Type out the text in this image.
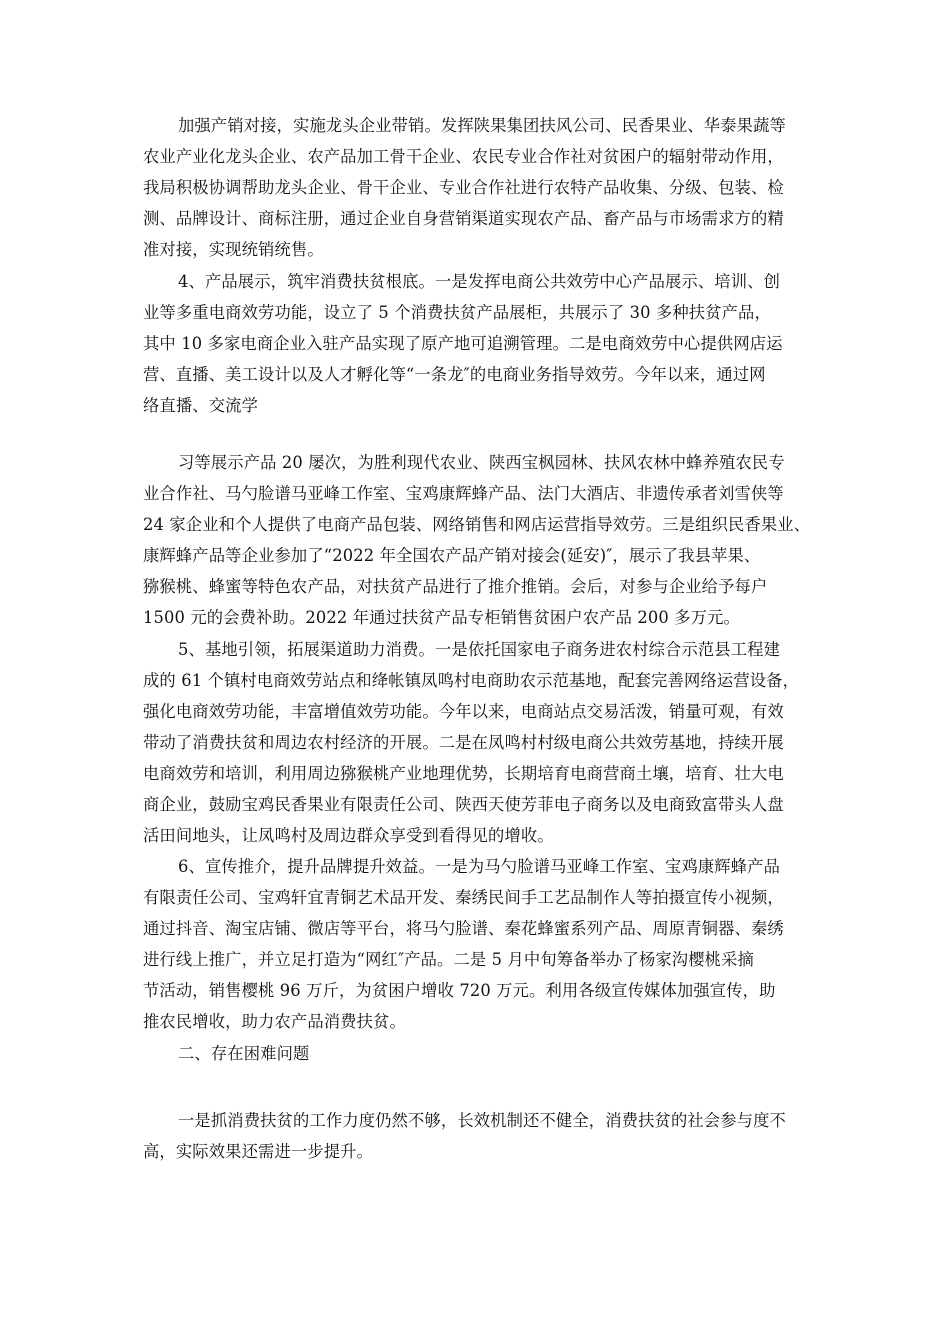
加强产销对接，实施龙头企业带销。发挥陕果集团扶风公司、民香果业、华泰果蔬等
农业产业化龙头企业、农产品加工骨干企业、农民专业合作社对贫困户的辐射带动作用，
我局积极协调帮助龙头企业、骨干企业、专业合作社进行农特产品收集、分级、包装、检
测、品牌设计、商标注册，通过企业自身营销渠道实现农产品、畜产品与市场需求方的精
准对接，实现统销统售。
4、产品展示，筑牢消费扶贫根底。一是发挥电商公共效劳中心产品展示、培训、创
业等多重电商效劳功能，设立了 5 个消费扶贫产品展柜，共展示了 30 多种扶贫产品，
其中 10 多家电商企业入驻产品实现了原产地可追溯管理。二是电商效劳中心提供网店运
营、直播、美工设计以及人才孵化等“一条龙″的电商业务指导效劳。今年以来，通过网
络直播、交流学
习等展示产品 20 屡次，为胜利现代农业、陕西宝枫园林、扶风农林中蜂养殖农民专
业合作社、马勺脸谱马亚峰工作室、宝鸡康辉蜂产品、法门大酒店、非遗传承者刘雪侠等
24 家企业和个人提供了电商产品包装、网络销售和网店运营指导效劳。三是组织民香果业、
康辉蜂产品等企业参加了“2022 年全国农产品产销对接会(延安)″，展示了我县苹果、
猕猴桃、蜂蜜等特色农产品，对扶贫产品进行了推介推销。会后，对参与企业给予每户
1500 元的会费补助。2022 年通过扶贫产品专柜销售贫困户农产品 200 多万元。
5、基地引领，拓展渠道助力消费。一是依托国家电子商务进农村综合示范县工程建
成的 61 个镇村电商效劳站点和绛帐镇凤鸣村电商助农示范基地，配套完善网络运营设备，
强化电商效劳功能，丰富增值效劳功能。今年以来，电商站点交易活泼，销量可观，有效
带动了消费扶贫和周边农村经济的开展。二是在凤鸣村村级电商公共效劳基地，持续开展
电商效劳和培训，利用周边猕猴桃产业地理优势，长期培育电商营商土壤，培育、壮大电
商企业，鼓励宝鸡民香果业有限责任公司、陕西天使芳菲电子商务以及电商致富带头人盘
活田间地头，让凤鸣村及周边群众享受到看得见的增收。
6、宣传推介，提升品牌提升效益。一是为马勺脸谱马亚峰工作室、宝鸡康辉蜂产品
有限责任公司、宝鸡轩宜青铜艺术品开发、秦绣民间手工艺品制作人等拍摄宣传小视频，
通过抖音、淘宝店铺、微店等平台，将马勺脸谱、秦花蜂蜜系列产品、周原青铜器、秦绣
进行线上推广，并立足打造为“网红″产品。二是 5 月中旬筹备举办了杨家沟樱桃采摘
节活动，销售樱桃 96 万斤，为贫困户增收 720 万元。利用各级宣传媒体加强宣传，助
推农民增收，助力农产品消费扶贫。
二、存在困难问题
一是抓消费扶贫的工作力度仍然不够，长效机制还不健全，消费扶贫的社会参与度不
高，实际效果还需进一步提升。
